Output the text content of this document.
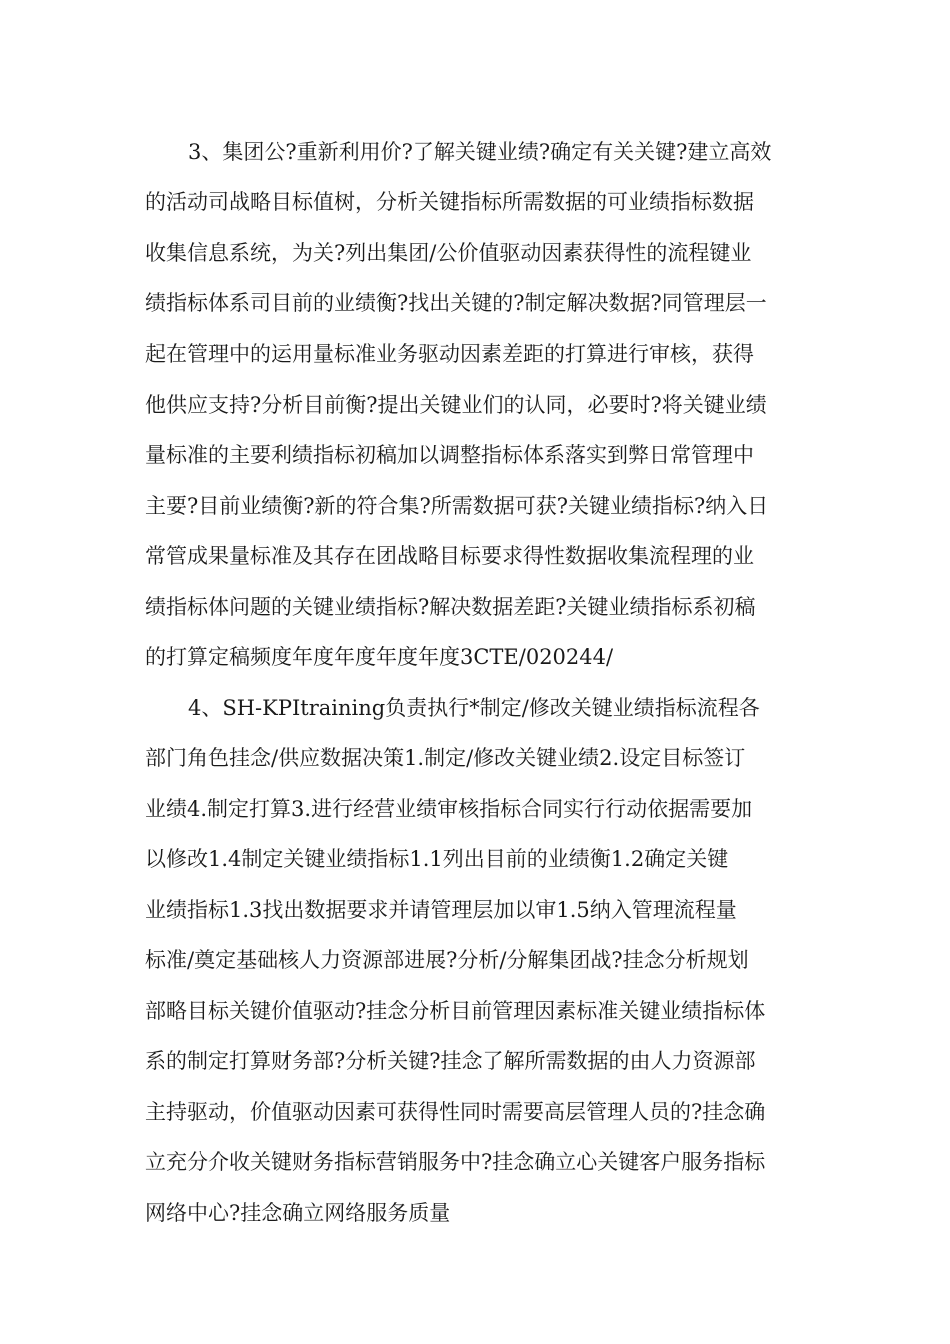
3、集团公?重新利用价?了解关键业绩?确定有关关键?建立高效
的活动司战略目标值树，分析关键指标所需数据的可业绩指标数据
收集信息系统，为关?列出集团/公价值驱动因素获得性的流程键业
绩指标体系司目前的业绩衡?找出关键的?制定解决数据?同管理层一
起在管理中的运用量标准业务驱动因素差距的打算进行审核，获得
他供应支持?分析目前衡?提出关键业们的认同，必要时?将关键业绩
量标准的主要利绩指标初稿加以调整指标体系落实到弊日常管理中
主要?目前业绩衡?新的符合集?所需数据可获?关键业绩指标?纳入日
常管成果量标准及其存在团战略目标要求得性数据收集流程理的业
绩指标体问题的关键业绩指标?解决数据差距?关键业绩指标系初稿
的打算定稿频度年度年度年度年度3CTE/020244/
4、SH-KPItraining负责执行*制定/修改关键业绩指标流程各
部门角色挂念/供应数据决策1.制定/修改关键业绩2.设定目标签订
业绩4.制定打算3.进行经营业绩审核指标合同实行行动依据需要加
以修改1.4制定关键业绩指标1.1列出目前的业绩衡1.2确定关键
业绩指标1.3找出数据要求并请管理层加以审1.5纳入管理流程量
标准/奠定基础核人力资源部进展?分析/分解集团战?挂念分析规划
部略目标关键价值驱动?挂念分析目前管理因素标准关键业绩指标体
系的制定打算财务部?分析关键?挂念了解所需数据的由人力资源部
主持驱动，价值驱动因素可获得性同时需要高层管理人员的?挂念确
立充分介收关键财务指标营销服务中?挂念确立心关键客户服务指标
网络中心?挂念确立网络服务质量
